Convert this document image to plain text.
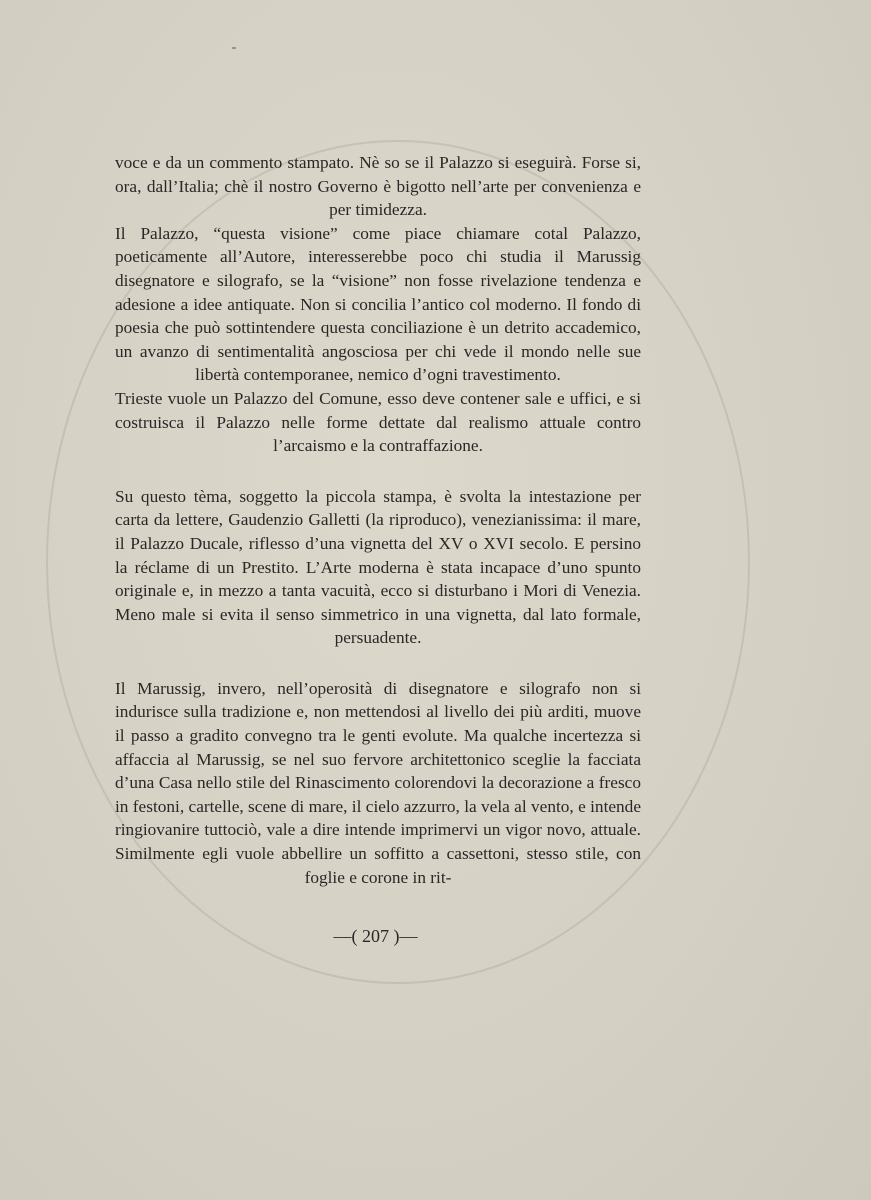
voce e da un commento stampato. Nè so se il Palazzo si eseguirà. Forse si, ora, dall’Italia; chè il nostro Governo è bigotto nell’arte per convenienza e per timidezza.

Il Palazzo, “questa visione” come piace chiamare cotal Palazzo, poeticamente all’Autore, interesserebbe poco chi studia il Marussig disegnatore e silografo, se la “visione” non fosse rivelazione tendenza e adesione a idee antiquate. Non si concilia l’antico col moderno. Il fondo di poesia che può sottintendere questa conciliazione è un detrito accademico, un avanzo di sentimentalità angosciosa per chi vede il mondo nelle sue libertà contemporanee, nemico d’ogni travestimento.

Trieste vuole un Palazzo del Comune, esso deve contener sale e uffici, e si costruisca il Palazzo nelle forme dettate dal realismo attuale contro l’arcaismo e la contraffazione.

Su questo tèma, soggetto la piccola stampa, è svolta la intestazione per carta da lettere, Gaudenzio Galletti (la riproduco), venezianissima: il mare, il Palazzo Ducale, riflesso d’una vignetta del XV o XVI secolo. E persino la réclame di un Prestito. L’Arte moderna è stata incapace d’uno spunto originale e, in mezzo a tanta vacuità, ecco si disturbano i Mori di Venezia. Meno male si evita il senso simmetrico in una vignetta, dal lato formale, persuadente.

Il Marussig, invero, nell’operosità di disegnatore e silografo non si indurisce sulla tradizione e, non mettendosi al livello dei più arditi, muove il passo a gradito convegno tra le genti evolute. Ma qualche incertezza si affaccia al Marussig, se nel suo fervore architettonico sceglie la facciata d’una Casa nello stile del Rinascimento colorendovi la decorazione a fresco in festoni, cartelle, scene di mare, il cielo azzurro, la vela al vento, e intende ringiovanire tuttociò, vale a dire intende imprimervi un vigor novo, attuale. Similmente egli vuole abbellire un soffitto a cassettoni, stesso stile, con foglie e corone in rit-

—( 207 )—
